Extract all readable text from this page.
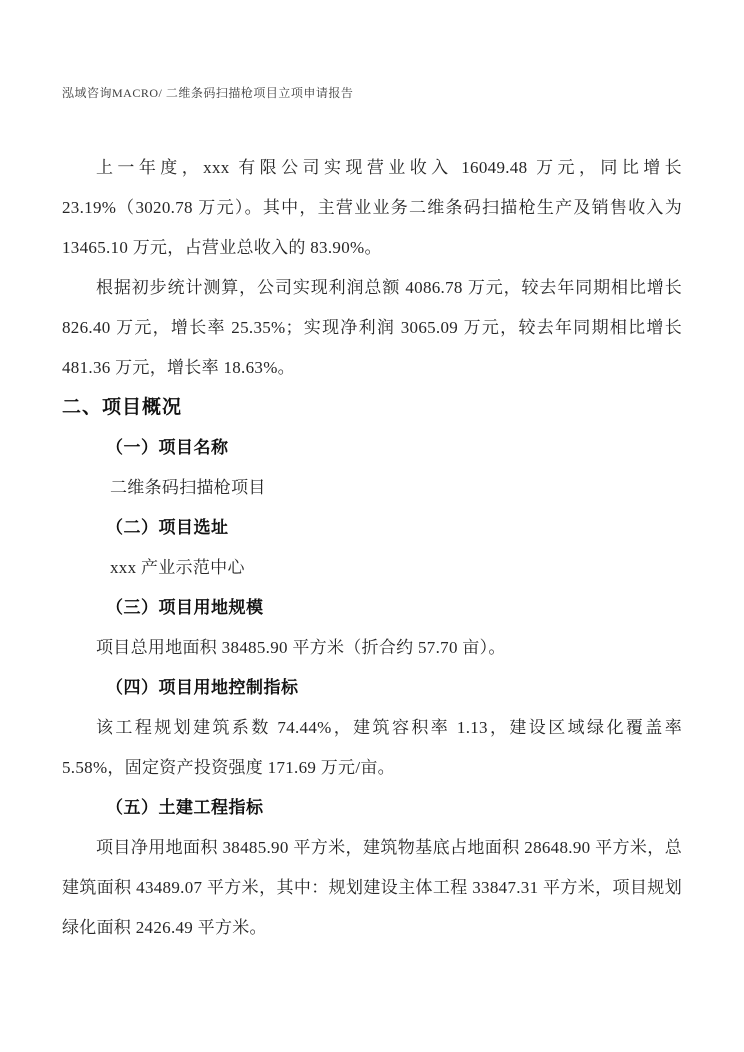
泓域咨询MACRO/ 二维条码扫描枪项目立项申请报告

上一年度，xxx 有限公司实现营业收入 16049.48 万元，同比增长 23.19%（3020.78 万元）。其中，主营业业务二维条码扫描枪生产及销售收入为 13465.10 万元，占营业总收入的 83.90%。

根据初步统计测算，公司实现利润总额 4086.78 万元，较去年同期相比增长 826.40 万元，增长率 25.35%；实现净利润 3065.09 万元，较去年同期相比增长 481.36 万元，增长率 18.63%。

二、项目概况
（一）项目名称

二维条码扫描枪项目

（二）项目选址

xxx 产业示范中心

（三）项目用地规模

项目总用地面积 38485.90 平方米（折合约 57.70 亩）。

（四）项目用地控制指标

该工程规划建筑系数 74.44%，建筑容积率 1.13，建设区域绿化覆盖率 5.58%，固定资产投资强度 171.69 万元/亩。

（五）土建工程指标

项目净用地面积 38485.90 平方米，建筑物基底占地面积 28648.90 平方米，总建筑面积 43489.07 平方米，其中：规划建设主体工程 33847.31 平方米，项目规划绿化面积 2426.49 平方米。
